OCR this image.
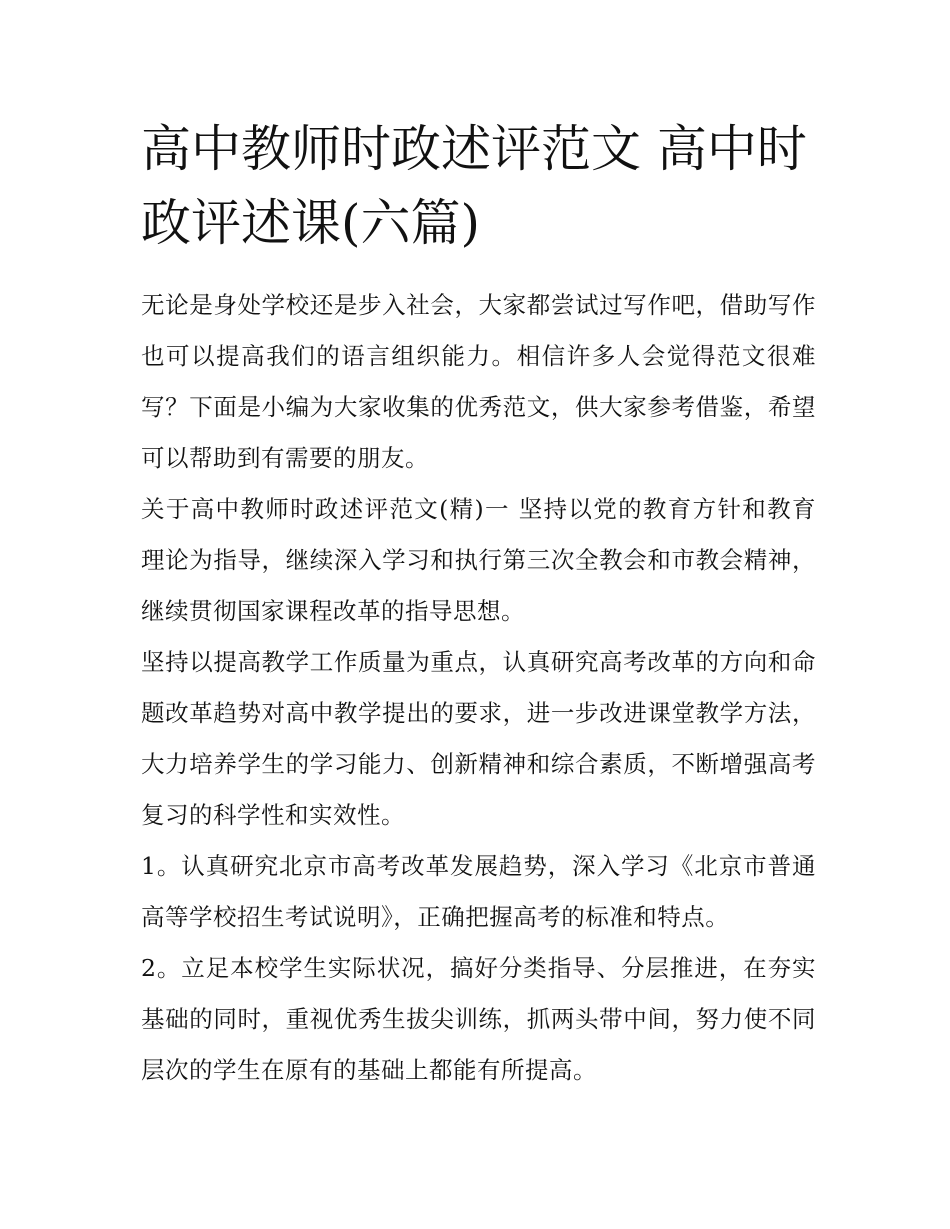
高中教师时政述评范文 高中时政评述课(六篇)

无论是身处学校还是步入社会，大家都尝试过写作吧，借助写作也可以提高我们的语言组织能力。相信许多人会觉得范文很难写？下面是小编为大家收集的优秀范文，供大家参考借鉴，希望可以帮助到有需要的朋友。

关于高中教师时政述评范文(精)一 坚持以党的教育方针和教育理论为指导，继续深入学习和执行第三次全教会和市教会精神，继续贯彻国家课程改革的指导思想。

坚持以提高教学工作质量为重点，认真研究高考改革的方向和命题改革趋势对高中教学提出的要求，进一步改进课堂教学方法，大力培养学生的学习能力、创新精神和综合素质，不断增强高考复习的科学性和实效性。

1。认真研究北京市高考改革发展趋势，深入学习《北京市普通高等学校招生考试说明》，正确把握高考的标准和特点。

2。立足本校学生实际状况，搞好分类指导、分层推进，在夯实基础的同时，重视优秀生拔尖训练，抓两头带中间，努力使不同层次的学生在原有的基础上都能有所提高。
